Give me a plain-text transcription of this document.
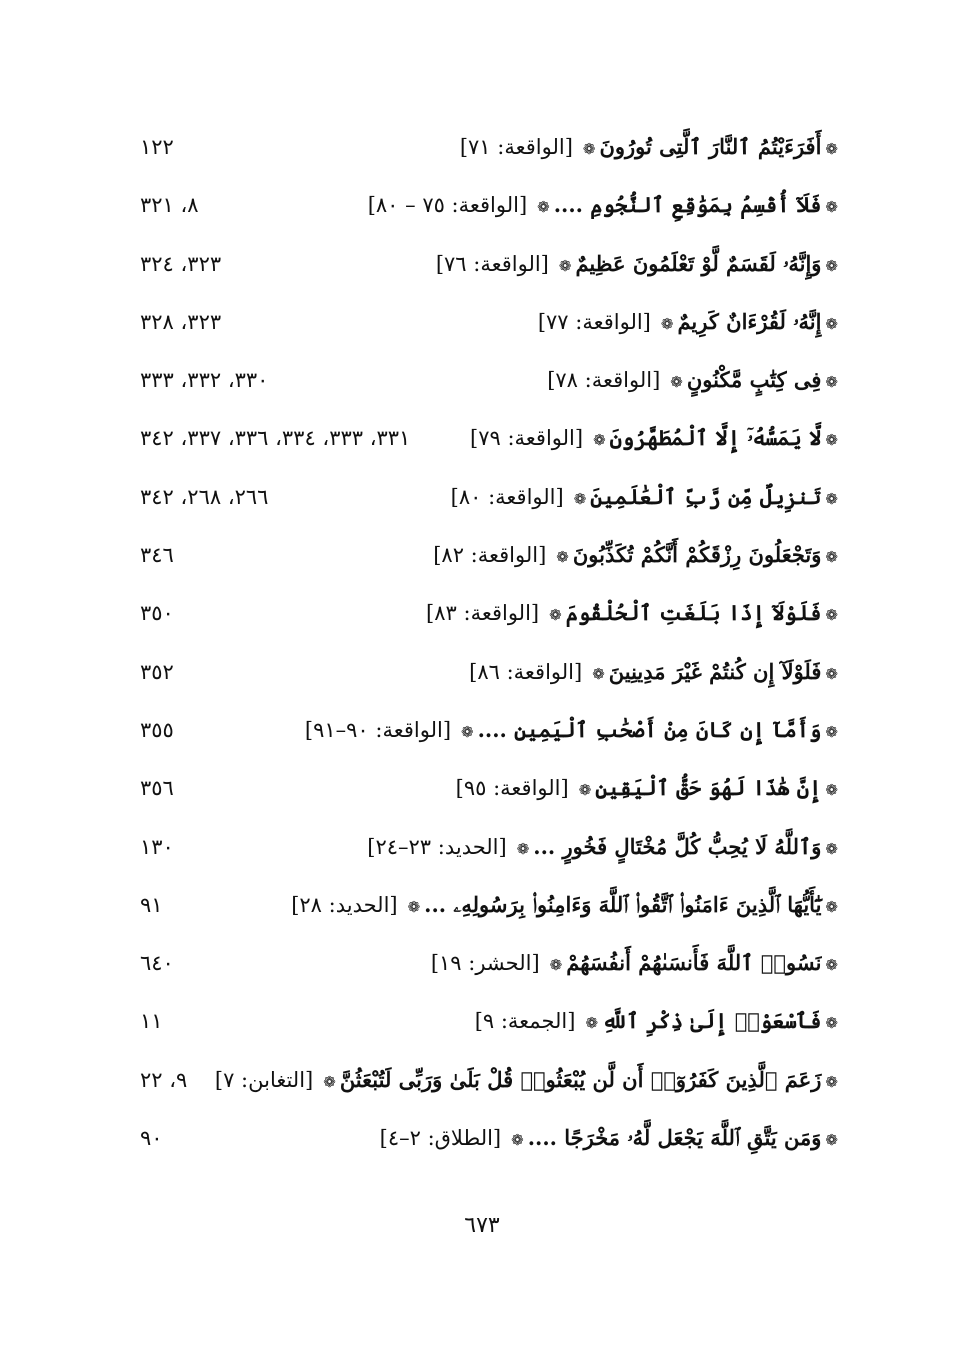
❁أَفَرَءَيْتُمُ ٱلنَّارَ ٱلَّتِى تُورُونَ❁[الواقعة: ٧١]
١٢٢
❁فَلَآ أُقْسِمُ بِمَوَٰقِعِ ٱلنُّجُومِ ....❁[الواقعة: ٧٥ – ٨٠]
٨، ٣٢١
❁وَإِنَّهُۥ لَقَسَمٌ لَّوْ تَعْلَمُونَ عَظِيمٌ❁[الواقعة: ٧٦]
٣٢٣، ٣٢٤
❁إِنَّهُۥ لَقُرْءَانٌ كَرِيمٌ❁[الواقعة: ٧٧]
٣٢٣، ٣٢٨
❁فِى كِتَٰبٍ مَّكْنُونٍ❁[الواقعة: ٧٨]
٣٣٠، ٣٣٢، ٣٣٣
❁لَّا يَمَسُّهُۥٓ إِلَّا ٱلْمُطَهَّرُونَ❁[الواقعة: ٧٩]
٣٣١، ٣٣٣، ٣٣٤، ٣٣٦، ٣٣٧، ٣٤٢
❁تَنزِيلٌ مِّن رَّبِّ ٱلْعَٰلَمِينَ❁[الواقعة: ٨٠]
٢٦٦، ٢٦٨، ٣٤٢
❁وَتَجْعَلُونَ رِزْقَكُمْ أَنَّكُمْ تُكَذِّبُونَ❁[الواقعة: ٨٢]
٣٤٦
❁فَلَوْلَآ إِذَا بَلَغَتِ ٱلْحُلْقُومَ❁[الواقعة: ٨٣]
٣٥٠
❁فَلَوْلَآ إِن كُنتُمْ غَيْرَ مَدِينِينَ❁[الواقعة: ٨٦]
٣٥٢
❁وَأَمَّآ إِن كَانَ مِنْ أَصْحَٰبِ ٱلْيَمِينِ ....❁[الواقعة: ٩٠–٩١]
٣٥٥
❁إِنَّ هَٰذَا لَهُوَ حَقُّ ٱلْيَقِينِ❁[الواقعة: ٩٥]
٣٥٦
❁وَٱللَّهُ لَا يُحِبُّ كُلَّ مُخْتَالٍ فَخُورٍ ...❁[الحديد: ٢٣–٢٤]
١٣٠
❁يَٰٓأَيُّهَا ٱلَّذِينَ ءَامَنُوا۟ ٱتَّقُوا۟ ٱللَّهَ وَءَامِنُوا۟ بِرَسُولِهِۦ ...❁[الحديد: ٢٨]
٩١
❁نَسُوا۟ ٱللَّهَ فَأَنسَىٰهُمْ أَنفُسَهُمْ❁[الحشر: ١٩]
٦٤٠
❁فَٱسْعَوْا۟ إِلَىٰ ذِكْرِ ٱللَّهِ❁[الجمعة: ٩]
١١
❁زَعَمَ ٱلَّذِينَ كَفَرُوٓا۟ أَن لَّن يُبْعَثُوا۟ قُلْ بَلَىٰ وَرَبِّى لَتُبْعَثُنَّ❁[التغابن: ٧]
٩، ٢٢
❁وَمَن يَتَّقِ ٱللَّهَ يَجْعَل لَّهُۥ مَخْرَجًا ....❁[الطلاق: ٢–٤]
٩٠
٦٧٣
